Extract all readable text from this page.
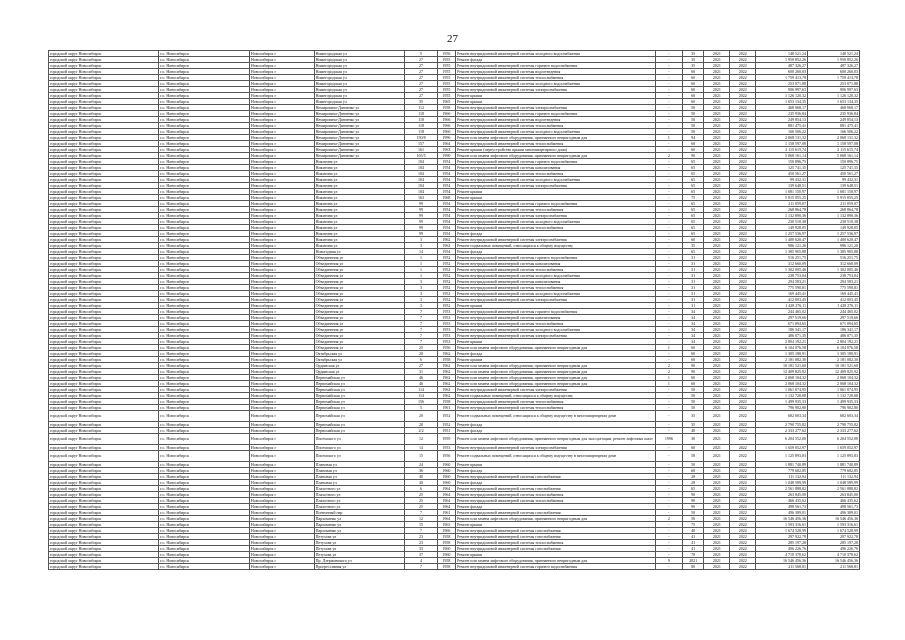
27
городской округ Новосибирск	г.о. Новосибирск	Новосибирск г	Нижегородская ул	5	1956	Ремонт внутридомовой инженерной системы холодного водоснабжения	-	35	2021	2022	148 521,24	148 521,24
городской округ Новосибирск	г.о. Новосибирск	Новосибирск г	Нижегородская ул	27	1955	Ремонт фасада	-	35	2021	2022	1 950 852,26	1 950 852,26
городской округ Новосибирск	г.о. Новосибирск	Новосибирск г	Нижегородская ул	27	1955	Ремонт внутридомовой инженерной системы горячего водоснабжения	-	35	2021	2022	487 326,27	487 326,27
городской округ Новосибирск	г.о. Новосибирск	Новосибирск г	Нижегородская ул	27	1955	Ремонт внутридомовой инженерной системы водоотведения	-	60	2021	2022	600 260,03	600 260,03
городской округ Новосибирск	г.о. Новосибирск	Новосибирск г	Нижегородская ул	27	1955	Ремонт внутридомовой инженерной системы теплоснабжения	-	60	2021	2022	1 759 413,78	1 759 413,78
городской округ Новосибирск	г.о. Новосибирск	Новосибирск г	Нижегородская ул	27	1955	Ремонт внутридомовой инженерной системы холодного водоснабжения	-	60	2021	2022	253 071,88	253 071,88
городской округ Новосибирск	г.о. Новосибирск	Новосибирск г	Нижегородская ул	27	1955	Ремонт внутридомовой инженерной системы электроснабжения	-	60	2021	2022	906 997,63	906 997,63
городской округ Новосибирск	г.о. Новосибирск	Новосибирск г	Нижегородская ул	27	1955	Ремонт крыши	-	60	2021	2022	1 126 120,32	1 126 120,32
городской округ Новосибирск	г.о. Новосибирск	Новосибирск г	Нижегородская ул	35	1965	Ремонт крыши	-	60	2021	2022	1 653 134,35	1 653 134,35
городской округ Новосибирск	г.о. Новосибирск	Новосибирск г	Немировича-Данченко ул	112	1958	Ремонт внутридомовой инженерной системы электроснабжения	-	50	2021	2022	468 068,17	468 068,17
городской округ Новосибирск	г.о. Новосибирск	Новосибирск г	Немировича-Данченко ул	118	1966	Ремонт внутридомовой инженерной системы горячего водоснабжения	-	50	2021	2022	235 936,84	235 936,84
городской округ Новосибирск	г.о. Новосибирск	Новосибирск г	Немировича-Данченко ул	118	1966	Ремонт внутридомовой инженерной системы водоотведения	-	50	2021	2022	249 854,13	249 854,13
городской округ Новосибирск	г.о. Новосибирск	Новосибирск г	Немировича-Данченко ул	118	1966	Ремонт внутридомовой инженерной системы теплоснабжения	-	50	2021	2022	881 475,41	881 475,41
городской округ Новосибирск	г.о. Новосибирск	Новосибирск г	Немировича-Данченко ул	118	1966	Ремонт внутридомовой инженерной системы холодного водоснабжения	-	50	2021	2022	166 506,22	166 506,22
городской округ Новосибирск	г.о. Новосибирск	Новосибирск г	Немировича-Данченко ул	150/8	1996	Ремонт или замена лифтового оборудования, признанного непригодным для	1	94	2021	2022	2 068 131,32	2 068 131,32
городской округ Новосибирск	г.о. Новосибирск	Новосибирск г	Немировича-Данченко ул	157	1964	Ремонт внутридомовой инженерной системы теплоснабжения	-	60	2021	2022	1 158 597,08	1 158 597,08
городской округ Новосибирск	г.о. Новосибирск	Новосибирск г	Немировича-Данченко ул	161	1963	Ремонт крыши (переустройство крыши многоквартирного дома)	-	60	2021	2022	2 115 615,74	2 115 615,74
городской округ Новосибирск	г.о. Новосибирск	Новосибирск г	Немировича-Данченко ул	165/5	1990	Ремонт или замена лифтового оборудования, признанного непригодным для	2	90	2021	2022	5 068 161,14	5 068 161,14
городской округ Новосибирск	г.о. Новосибирск	Новосибирск г	Никитина ул	104	1954	Ремонт внутридомовой инженерной системы горячего водоснабжения	-	65	2021	2022	150 896,75	150 896,75
городской округ Новосибирск	г.о. Новосибирск	Новосибирск г	Никитина ул	104	1954	Ремонт внутридомовой инженерной системы канализования	-	65	2021	2022	125 741,35	125 741,35
городской округ Новосибирск	г.о. Новосибирск	Новосибирск г	Никитина ул	104	1954	Ремонт внутридомовой инженерной системы теплоснабжения	-	65	2021	2022	450 561,27	450 561,27
городской округ Новосибирск	г.о. Новосибирск	Новосибирск г	Никитина ул	104	1954	Ремонт внутридомовой инженерной системы холодного водоснабжения	-	65	2021	2022	99 432,31	99 432,31
городской округ Новосибирск	г.о. Новосибирск	Новосибирск г	Никитина ул	104	1954	Ремонт внутридомовой инженерной системы электроснабжения	-	65	2021	2022	139 648,51	139 648,51
городской округ Новосибирск	г.о. Новосибирск	Новосибирск г	Никитина ул	104	1954	Ремонт крыши	-	65	2021	2022	1 681 150,97	1 681 150,97
городской округ Новосибирск	г.о. Новосибирск	Новосибирск г	Никитина ул	163	1968	Ремонт крыши	-	75	2021	2022	5 915 055,25	5 915 055,25
городской округ Новосибирск	г.о. Новосибирск	Новосибирск г	Никитина ул	99	1954	Ремонт внутридомовой инженерной системы горячего водоснабжения	-	65	2021	2022	211 059,07	211 059,07
городской округ Новосибирск	г.о. Новосибирск	Новосибирск г	Никитина ул	99	1954	Ремонт внутридомовой инженерной системы теплоснабжения	-	65	2021	2022	268 864,78	268 864,78
городской округ Новосибирск	г.о. Новосибирск	Новосибирск г	Никитина ул	99	1954	Ремонт внутридомовой инженерной системы электроснабжения	-	65	2021	2022	1 132 890,36	1 132 890,36
городской округ Новосибирск	г.о. Новосибирск	Новосибирск г	Никитина ул	99	1954	Ремонт внутридомовой инженерной системы холодного водоснабжения	-	65	2021	2022	230 510,38	230 510,38
городской округ Новосибирск	г.о. Новосибирск	Новосибирск г	Никитина ул	99	1954	Ремонт внутридомовой инженерной системы теплоснабжения	-	65	2021	2022	149 928,05	149 928,05
городской округ Новосибирск	г.о. Новосибирск	Новосибирск г	Никитина ул	99	1954	Ремонт фасада	-	65	2021	2022	1 257 536,97	1 257 536,97
городской округ Новосибирск	г.о. Новосибирск	Новосибирск г	Никитина ул	3	1962	Ремонт внутридомовой инженерной системы электроснабжения	-	60	2021	2022	1 400 620,47	1 400 620,47
городской округ Новосибирск	г.о. Новосибирск	Новосибирск г	Никитина ул	3	1962	Ремонт подвальных помещений, относящихся к общему имуществу	-	35	2021	2022	986 121,20	986 121,20
городской округ Новосибирск	г.о. Новосибирск	Новосибирск г	Новогодняя ул	14	1954	Ремонт фасада	-	65	2021	2022	1 385 905,88	1 385 905,88
городской округ Новосибирск	г.о. Новосибирск	Новосибирск г	Объединения ул	1	1952	Ремонт внутридомовой инженерной системы горячего водоснабжения	-	31	2021	2022	516 251,75	516 251,75
городской округ Новосибирск	г.о. Новосибирск	Новосибирск г	Объединения ул	1	1952	Ремонт внутридомовой инженерной системы канализования	-	31	2021	2022	312 660,09	312 660,09
городской округ Новосибирск	г.о. Новосибирск	Новосибирск г	Объединения ул	1	1952	Ремонт внутридомовой инженерной системы теплоснабжения	-	31	2021	2022	1 302 005,46	1 302 005,46
городской округ Новосибирск	г.о. Новосибирск	Новосибирск г	Объединения ул	1	1952	Ремонт внутридомовой инженерной системы холодного водоснабжения	-	31	2021	2022	238 753,04	238 753,04
городской округ Новосибирск	г.о. Новосибирск	Новосибирск г	Объединения ул	3	1952	Ремонт внутридомовой инженерной системы канализования	-	31	2021	2022	294 583,21	294 583,21
городской округ Новосибирск	г.о. Новосибирск	Новосибирск г	Объединения ул	3	1952	Ремонт внутридомовой инженерной системы теплоснабжения	-	31	2021	2022	775 590,81	775 590,81
городской округ Новосибирск	г.о. Новосибирск	Новосибирск г	Объединения ул	3	1952	Ремонт внутридомовой инженерной системы холодного водоснабжения	-	31	2021	2022	169 445,41	169 445,41
городской округ Новосибирск	г.о. Новосибирск	Новосибирск г	Объединения ул	3	1952	Ремонт внутридомовой инженерной системы электроснабжения	-	31	2021	2022	412 003,45	412 003,45
городской округ Новосибирск	г.о. Новосибирск	Новосибирск г	Объединения ул	3	1952	Ремонт крыши	-	31	2021	2022	1 428 276,11	1 428 276,11
городской округ Новосибирск	г.о. Новосибирск	Новосибирск г	Объединения ул	7	1953	Ремонт внутридомовой инженерной системы горячего водоснабжения	-	34	2021	2022	244 465,02	244 465,02
городской округ Новосибирск	г.о. Новосибирск	Новосибирск г	Объединения ул	7	1953	Ремонт внутридомовой инженерной системы канализования	-	34	2021	2022	297 519,66	297 519,66
городской округ Новосибирск	г.о. Новосибирск	Новосибирск г	Объединения ул	7	1953	Ремонт внутридомовой инженерной системы теплоснабжения	-	34	2021	2022	671 094,65	671 094,65
городской округ Новосибирск	г.о. Новосибирск	Новосибирск г	Объединения ул	7	1953	Ремонт внутридомовой инженерной системы холодного водоснабжения	-	34	2021	2022	186 341,17	186 341,17
городской округ Новосибирск	г.о. Новосибирск	Новосибирск г	Объединения ул	7	1953	Ремонт внутридомовой инженерной системы электроснабжения	-	34	2021	2022	486 071,35	486 071,35
городской округ Новосибирск	г.о. Новосибирск	Новосибирск г	Объединения ул	7	1953	Ремонт крыши	-	34	2021	2022	2 804 192,21	2 804 192,21
городской округ Новосибирск	г.о. Новосибирск	Новосибирск г	Объединения ул	25	1956	Ремонт или замена лифтового оборудования, признанного непригодным для	1	60	2021	2022	6 104 076,58	6 104 076,58
городской округ Новосибирск	г.о. Новосибирск	Новосибирск г	Октябрьская ул	20	1962	Ремонт фасада	-	60	2021	2022	1 305 180,91	1 305 180,91
городской округ Новосибирск	г.о. Новосибирск	Новосибирск г	Октябрьская ул	6	1958	Ремонт крыши	-	60	2021	2022	2 181 082,30	2 181 082,30
городской округ Новосибирск	г.о. Новосибирск	Новосибирск г	Ордынская ул	27	1962	Ремонт или замена лифтового оборудования, признанного непригодным для	2	90	2021	2022	10 181 521,60	10 181 521,60
городской округ Новосибирск	г.о. Новосибирск	Новосибирск г	Ордынская ул	31	1962	Ремонт или замена лифтового оборудования, признанного непригодным для	2	90	2021	2022	12 409 825,92	12 409 825,92
городской округ Новосибирск	г.о. Новосибирск	Новосибирск г	Первомайская ул	46	1962	Ремонт или замена лифтового оборудования, признанного непригодным для	1	60	2021	2022	2 068 104,32	2 068 104,32
городской округ Новосибирск	г.о. Новосибирск	Новосибирск г	Первомайская ул	46	1962	Ремонт или замена лифтового оборудования, признанного непригодным для	1	60	2021	2022	2 068 104,32	2 068 104,32
городской округ Новосибирск	г.о. Новосибирск	Новосибирск г	Первомайская ул	114	1962	Ремонт внутридомовой инженерной системы электроснабжения	-	50	2021	2022	1 061 074,95	1 061 074,95
городской округ Новосибирск	г.о. Новосибирск	Новосибирск г	Первомайская ул	114	1962	Ремонт подвальных помещений, относящихся к общему имуществу	-	50	2021	2022	1 132 720,08	1 132 720,08
городской округ Новосибирск	г.о. Новосибирск	Новосибирск г	Первомайская ул	156	1958	Ремонт внутридомовой инженерной системы теплоснабжения	-	50	2021	2022	1 499 935,33	1 499 935,33
городской округ Новосибирск	г.о. Новосибирск	Новосибирск г	Первомайская ул	5	1961	Ремонт внутридомовой инженерной системы теплоснабжения	-	50	2021	2022	796 902,80	796 902,80
городской округ Новосибирск	г.о. Новосибирск	Новосибирск г	Первомайская ул	20	1952	Ремонт подвальных помещений, относящихся к общему имуществу в многоквартирном доме	-	35	2021	2022	682 603,34	682 603,34
городской округ Новосибирск	г.о. Новосибирск	Новосибирск г	Первомайская ул	20	1952	Ремонт фасада	-	35	2021	2022	2 790 755,82	2 790 755,82
городской округ Новосибирск	г.о. Новосибирск	Новосибирск г	Первомайская ул	2/2	1951	Ремонт фасада	-	40	2021	2022	2 333 277,62	2 333 277,62
городской округ Новосибирск	г.о. Новосибирск	Новосибирск г	Писемского ул	12	1959	Ремонт или замена лифтового оборудования, признанного непригодным для эксплуатации, ремонт лифтовых шахт	1996	30	2021	2022	6 204 552,00	6 204 552,00
городской округ Новосибирск	г.о. Новосибирск	Новосибирск г	Писемского ул	14	1953	Ремонт внутридомовой инженерной системы электроснабжения	-	60	2021	2022	1 659 052,97	1 659 052,97
городской округ Новосибирск	г.о. Новосибирск	Новосибирск г	Писемского ул	15	1956	Ремонт подвальных помещений, относящихся к общему имуществу в многоквартирном доме	-	58	2021	2022	1 125 893,83	1 125 893,83
городской округ Новосибирск	г.о. Новосибирск	Новосибирск г	Плановая ул	24	1960	Ремонт крыши	-	50	2021	2022	1 881 740,89	1 881 740,89
городской округ Новосибирск	г.о. Новосибирск	Новосибирск г	Плановая ул	36	1960	Ремонт фасада	-	60	2021	2022	779 682,85	779 682,85
городской округ Новосибирск	г.о. Новосибирск	Новосибирск г	Плановая ул	40	1960	Ремонт внутридомовой инженерной системы газоснабжения	-	28	2021	2022	111 132,94	111 132,94
городской округ Новосибирск	г.о. Новосибирск	Новосибирск г	Плановая ул	40	1960	Ремонт фасада	-	28	2021	2022	1 048 589,99	1 048 589,99
городской округ Новосибирск	г.о. Новосибирск	Новосибирск г	Плахотного ул	6	1964	Ремонт внутридомовой инженерной системы газоснабжения	-	65	2021	2022	2 561 888,82	2 561 888,82
городской округ Новосибирск	г.о. Новосибирск	Новосибирск г	Плахотного ул	25	1964	Ремонт внутридомовой инженерной системы теплоснабжения	-	90	2021	2022	263 845,00	263 845,00
городской округ Новосибирск	г.о. Новосибирск	Новосибирск г	Плахотного ул	25	1964	Ремонт внутридомовой инженерной системы теплоснабжения	-	90	2021	2022	466 435,62	466 435,62
городской округ Новосибирск	г.о. Новосибирск	Новосибирск г	Плахотного ул	25	1964	Ремонт фасада	-	90	2021	2022	498 561,73	498 561,73
городской округ Новосибирск	г.о. Новосибирск	Новосибирск г	Понтонный пер	7	1961	Ремонт внутридомовой инженерной системы газоснабжения	-	50	2021	2022	496 389,01	496 389,01
городской округ Новосибирск	г.о. Новосибирск	Новосибирск г	Пархоменко ул	12	1964	Ремонт или замена лифтового оборудования, признанного непригодным для	2	50	2021	2022	16 546 456,36	16 546 456,36
городской округ Новосибирск	г.о. Новосибирск	Новосибирск г	Пархоменко ул	15	1963	Ремонт крыши	-	75	2021	2022	1 593 316,61	1 593 316,61
городской округ Новосибирск	г.о. Новосибирск	Новосибирск г	Пархоменко ул	7	1966	Ремонт внутридомовой инженерной системы газоснабжения	-	40	2021	2022	1 674 528,99	1 674 528,99
городской округ Новосибирск	г.о. Новосибирск	Новосибирск г	Петухова ул	23	1958	Ремонт внутридомовой инженерной системы газоснабжения	-	41	2021	2022	297 922,78	297 922,78
городской округ Новосибирск	г.о. Новосибирск	Новосибирск г	Петухова ул	23	1958	Ремонт внутридомовой инженерной системы теплоснабжения	-	41	2021	2022	285 197,28	285 197,28
городской округ Новосибирск	г.о. Новосибирск	Новосибирск г	Петухова ул	33	1960	Ремонт внутридомовой инженерной системы газоснабжения	-	41	2021	2022	496 226,76	496 226,76
городской округ Новосибирск	г.о. Новосибирск	Новосибирск г	Петухова ул	37	1960	Ремонт крыши	-	70	2021	2022	4 710 378,62	4 710 378,62
городской округ Новосибирск	г.о. Новосибирск	Новосибирск г	Пр. Дзержинского ул	4	1958	Ремонт или замена лифтового оборудования, признанного непригодным для	9	2021	2021	2022	16 546 456,36	16 546 456,36
городской округ Новосибирск	г.о. Новосибирск	Новосибирск г	Прогрессивная ул	7	1958	Ремонт внутридомовой инженерной системы горячего водоснабжения	-	80	2021	2022	211 568,81	211 568,81
